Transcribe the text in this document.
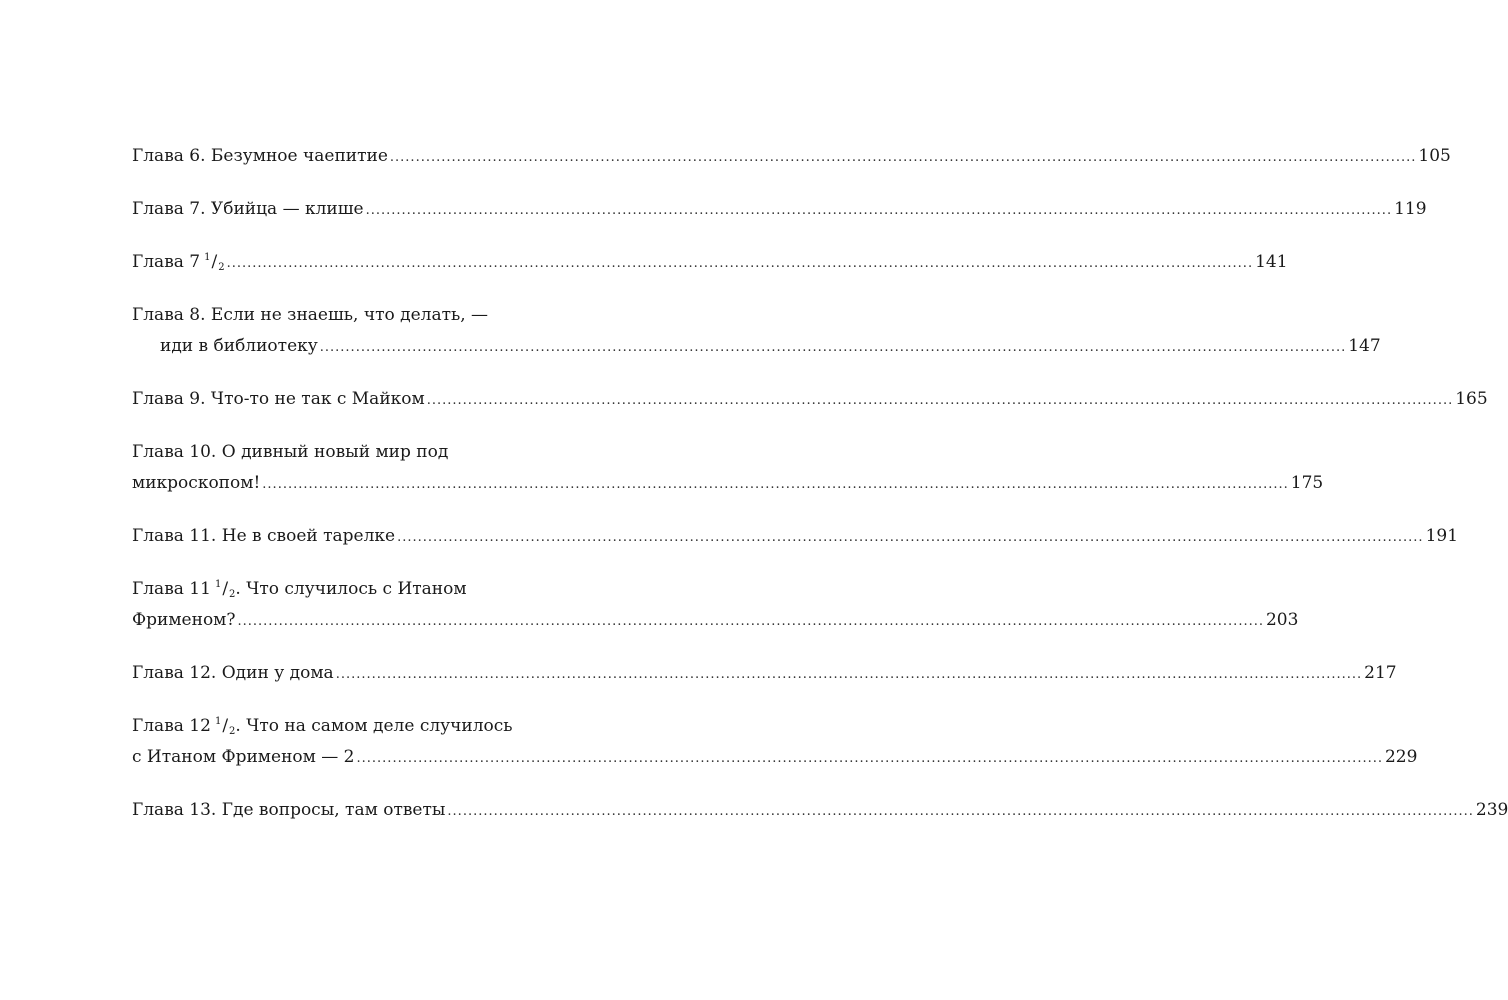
Глава 6. Безумное чаепитие ........................................................................................................................................................................................................ 105
Глава 7. Убийца — клише ........................................................................................................................................................................................................ 119
Глава 7 $^1$/2 ........................................................................................................................................................................................................ 141
Глава 8. Если не знаешь, что делать, —
иди в библиотеку ........................................................................................................................................................................................................ 147
Глава 9. Что-то не так с Майком ........................................................................................................................................................................................................ 165
Глава 10. О дивный новый мир под
микроскопом! ........................................................................................................................................................................................................ 175
Глава 11. Не в своей тарелке ........................................................................................................................................................................................................ 191
Глава 11 $^1$/2. Что случилось с Итаном
Фрименом? ........................................................................................................................................................................................................ 203
Глава 12. Один у дома ........................................................................................................................................................................................................ 217
Глава 12 $^1$/2. Что на самом деле случилось
с Итаном Фрименом — 2 ........................................................................................................................................................................................................ 229
Глава 13. Где вопросы, там ответы ........................................................................................................................................................................................................ 239
